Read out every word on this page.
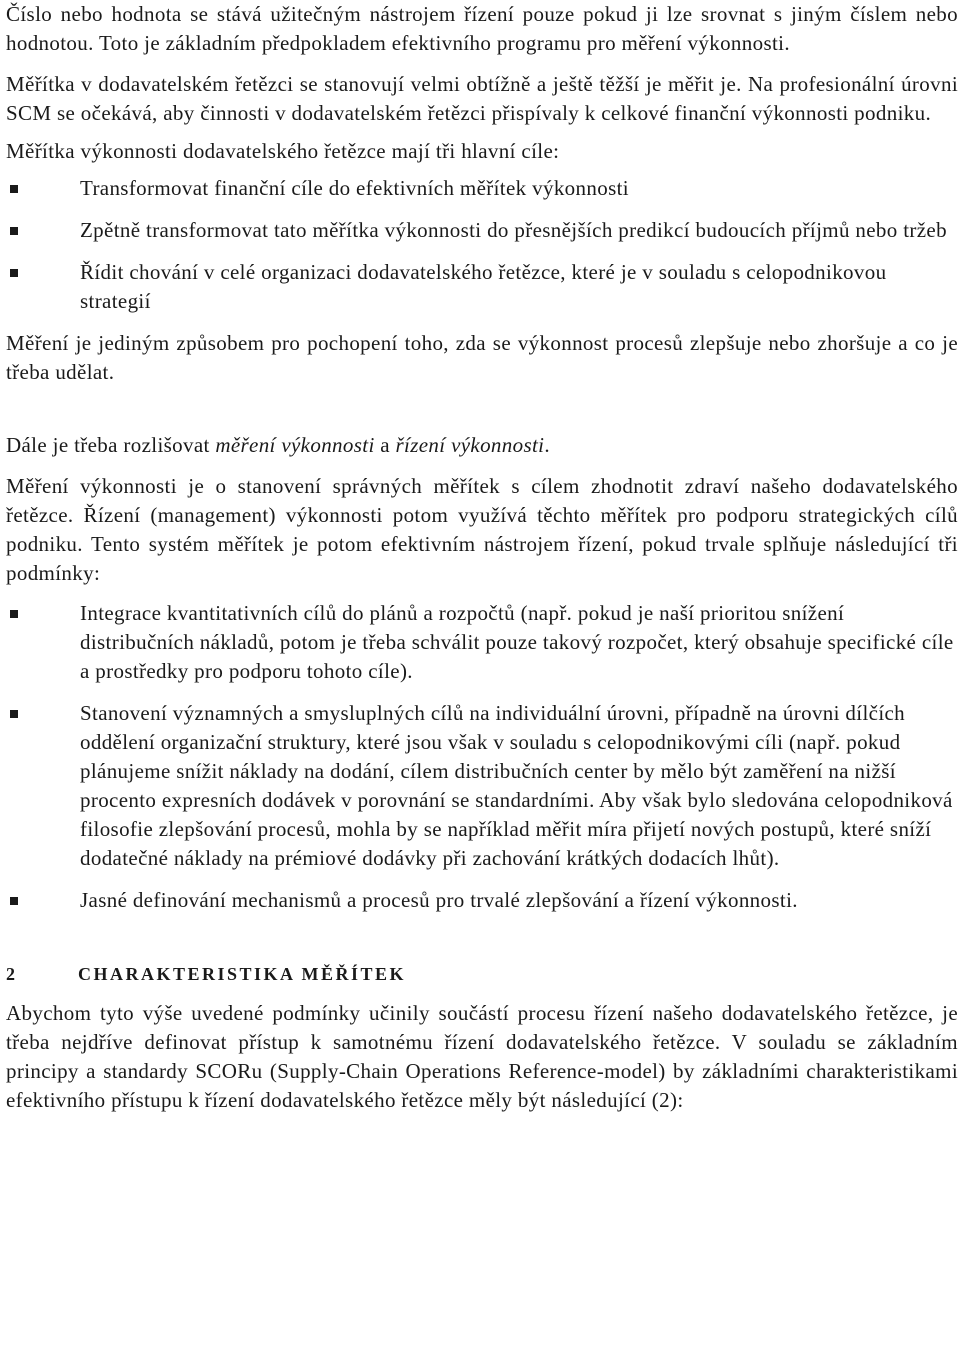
Číslo nebo hodnota se stává užitečným nástrojem řízení pouze pokud ji lze srovnat s jiným číslem nebo hodnotou. Toto je základním předpokladem efektivního programu pro měření výkonnosti.

Měřítka v dodavatelském řetězci se stanovují velmi obtížně a ještě těžší je měřit je. Na profesionální úrovni SCM se očekává, aby činnosti v dodavatelském řetězci přispívaly k celkové finanční výkonnosti podniku.

Měřítka výkonnosti dodavatelského řetězce mají tři hlavní cíle:

Transformovat finanční cíle do efektivních měřítek výkonnosti
Zpětně transformovat tato měřítka výkonnosti do přesnějších predikcí budoucích příjmů nebo tržeb
Řídit chování v celé organizaci dodavatelského řetězce, které je v souladu s celopodnikovou strategií

Měření je jediným způsobem pro pochopení toho, zda se výkonnost procesů zlepšuje nebo zhoršuje a co je třeba udělat.

Dále je třeba rozlišovat měření výkonnosti a řízení výkonnosti.

Měření výkonnosti je o stanovení správných měřítek s cílem zhodnotit zdraví našeho dodavatelského řetězce. Řízení (management) výkonnosti potom využívá těchto měřítek pro podporu strategických cílů podniku. Tento systém měřítek je potom efektivním nástrojem řízení, pokud trvale splňuje následující tři podmínky:

Integrace kvantitativních cílů do plánů a rozpočtů (např. pokud je naší prioritou snížení distribučních nákladů, potom je třeba schválit pouze takový rozpočet, který obsahuje specifické cíle a prostředky pro podporu tohoto cíle).
Stanovení významných a smysluplných cílů na individuální úrovni, případně na úrovni dílčích oddělení organizační struktury, které jsou však v souladu s celopodnikovými cíli (např. pokud plánujeme snížit náklady na dodání, cílem distribučních center by mělo být zaměření na nižší procento expresních dodávek v porovnání se standardními. Aby však bylo sledována celopodniková filosofie zlepšování procesů, mohla by se například měřit míra přijetí nových postupů, které sníží dodatečné náklady na prémiové dodávky při zachování krátkých dodacích lhůt).
Jasné definování mechanismů a procesů pro trvalé zlepšování a řízení výkonnosti.
2	CHARAKTERISTIKA MĚŘÍTEK

Abychom tyto výše uvedené podmínky učinily součástí procesu řízení našeho dodavatelského řetězce, je třeba nejdříve definovat přístup k samotnému řízení dodavatelského řetězce. V souladu se základním principy a standardy SCORu (Supply-Chain Operations Reference-model) by základními charakteristikami efektivního přístupu k řízení dodavatelského řetězce měly být následující (2):
